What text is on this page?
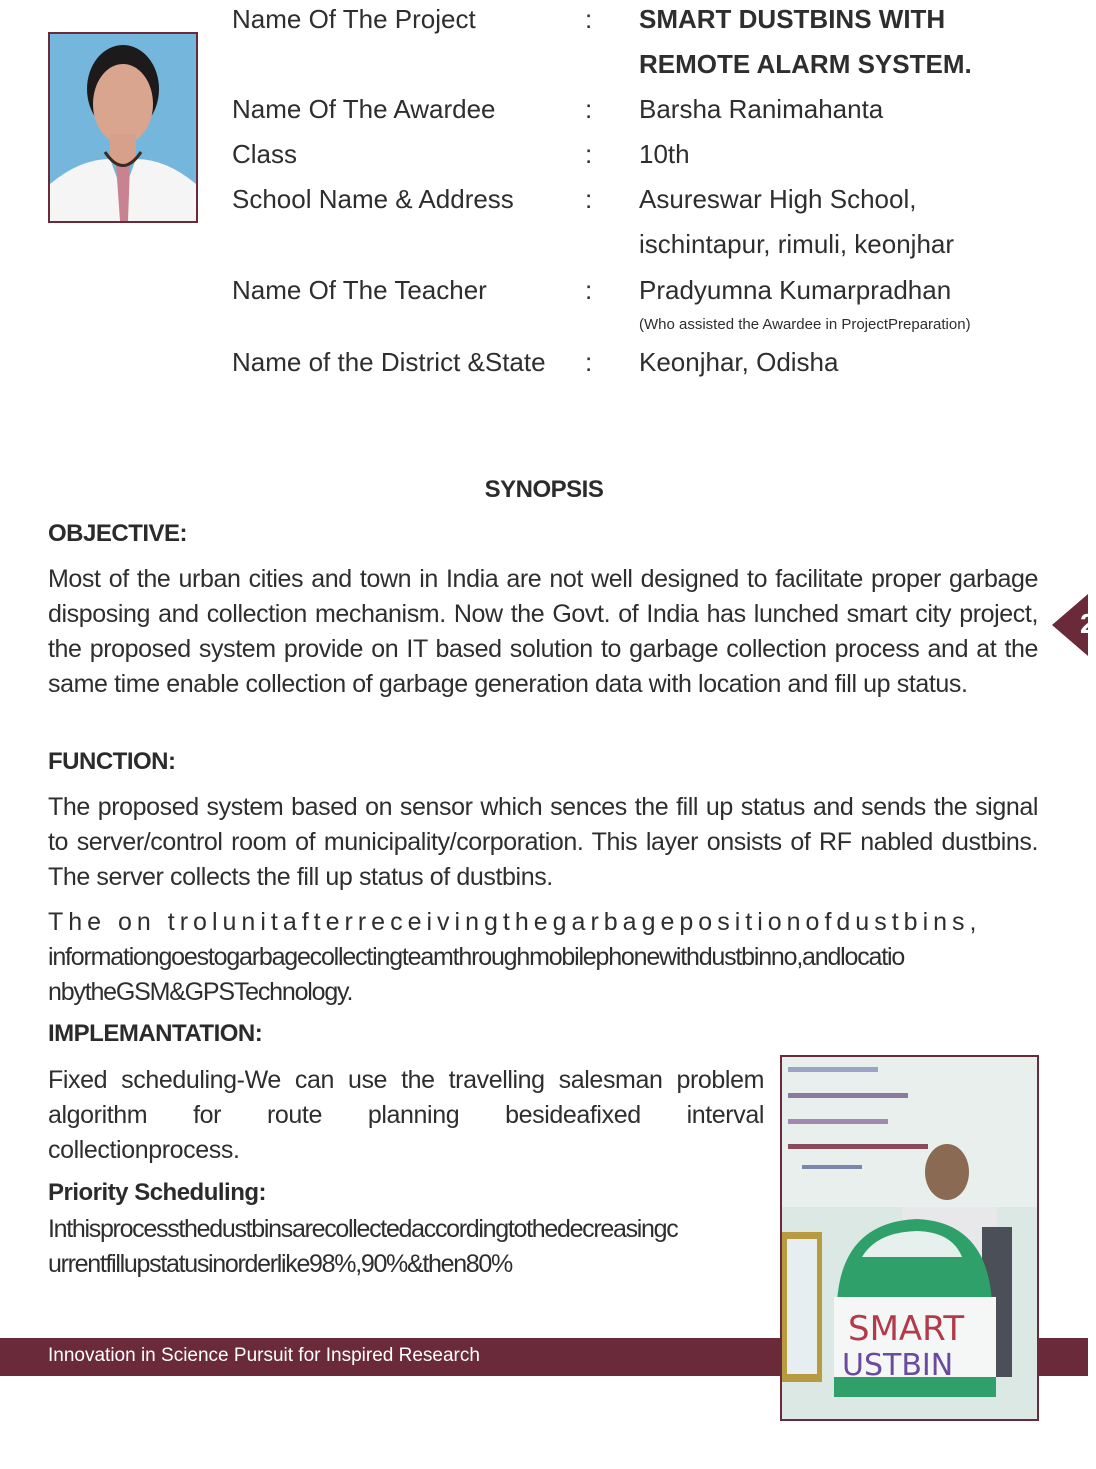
Name Of The Project	: SMART DUSTBINS WITH
REMOTE ALARM SYSTEM.
Name Of The Awardee	: Barsha Ranimahanta
Class	: 10th
School Name & Address	: Asureswar High School,
ischintapur, rimuli, keonjhar
Name Of The Teacher	: Pradyumna Kumarpradhan
(Who assisted the Awardee in ProjectPreparation)
Name of the District &State : Keonjhar, Odisha
SYNOPSIS
OBJECTIVE:
Most of the urban cities and town in India are not well designed to facilitate proper garbage disposing and collection mechanism. Now the Govt. of India has lunched smart city project, the proposed system provide on IT based solution to garbage collection process and at the same time enable collection of garbage generation data with location and fill up status.
FUNCTION:
The proposed system based on sensor which sences the fill up status and sends the signal to server/control room of municipality/corporation. This layer onsists of RF nabled dustbins. The server collects the fill up status of dustbins.
The on trolunitafterreceivingthegarbagepositionofdustbins,
informationgoestogarbagecollectingteamthroughmobilephonewithdustbinno,andlocatio
nbytheGSM&GPSTechnology.
IMPLEMANTATION:
Fixed scheduling-We can use the travelling salesman problem algorithm for route planning besideafixed interval collectionprocess.
Priority Scheduling:
Inthisprocessthedustbinsarecollectedaccordingtothedecreasingc
urrentfillupstatusinorderlike98%,90%&then80%
2
Innovation in Science Pursuit for Inspired Research
SMART
USTBIN
